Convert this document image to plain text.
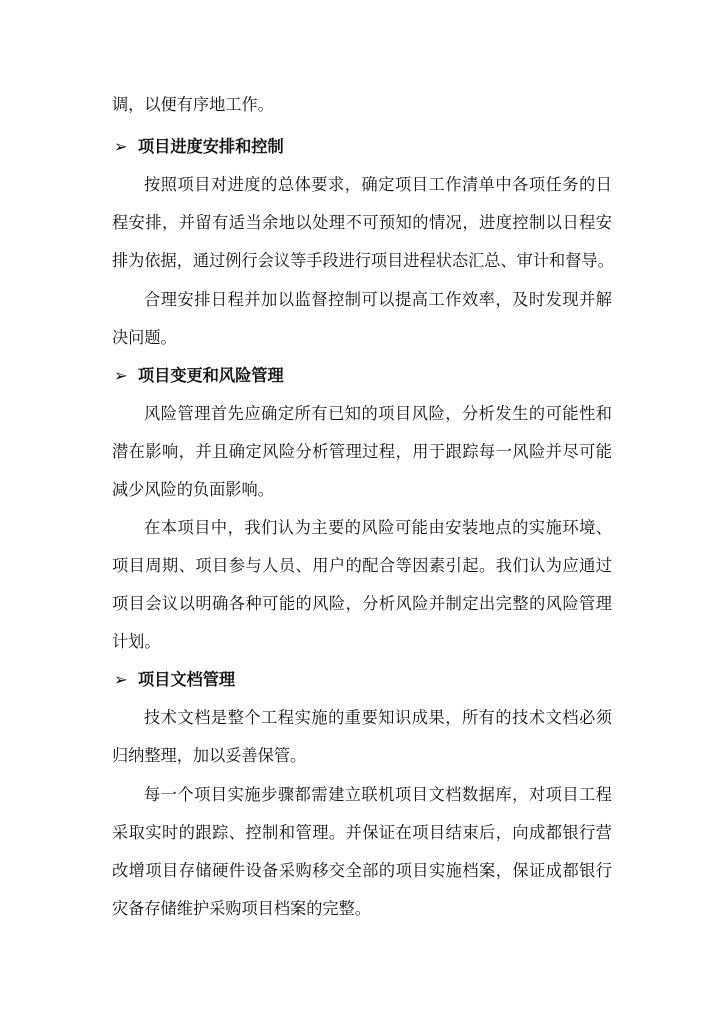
调，以便有序地工作。

➢ 项目进度安排和控制

按照项目对进度的总体要求，确定项目工作清单中各项任务的日

程安排，并留有适当余地以处理不可预知的情况，进度控制以日程安

排为依据，通过例行会议等手段进行项目进程状态汇总、审计和督导。

合理安排日程并加以监督控制可以提高工作效率，及时发现并解

决问题。

➢ 项目变更和风险管理

风险管理首先应确定所有已知的项目风险，分析发生的可能性和

潜在影响，并且确定风险分析管理过程，用于跟踪每一风险并尽可能

减少风险的负面影响。

在本项目中，我们认为主要的风险可能由安装地点的实施环境、

项目周期、项目参与人员、用户的配合等因素引起。我们认为应通过

项目会议以明确各种可能的风险，分析风险并制定出完整的风险管理

计划。

➢ 项目文档管理

技术文档是整个工程实施的重要知识成果，所有的技术文档必须

归纳整理，加以妥善保管。

每一个项目实施步骤都需建立联机项目文档数据库，对项目工程

采取实时的跟踪、控制和管理。并保证在项目结束后，向成都银行营

改增项目存储硬件设备采购移交全部的项目实施档案，保证成都银行

灾备存储维护采购项目档案的完整。
